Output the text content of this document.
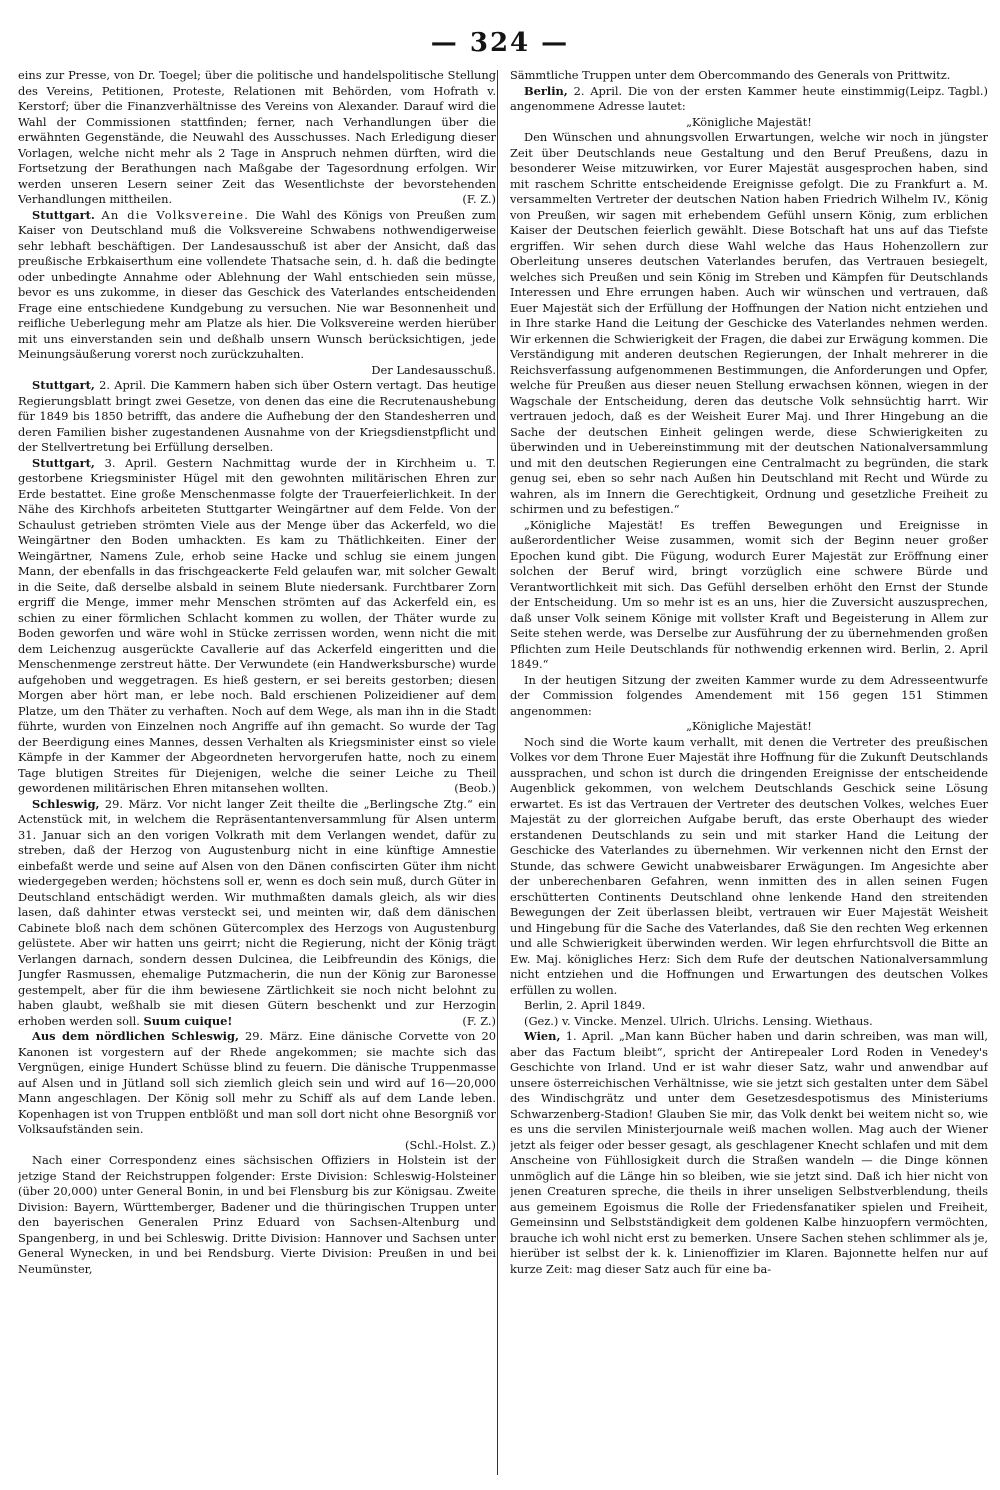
— 324 —

eins zur Presse, von Dr. Toegel; über die politische und handelspolitische Stellung des Vereins, Petitionen, Proteste, Relationen mit Behörden, vom Hofrath v. Kerstorf; über die Finanzverhältnisse des Vereins von Alexander. Darauf wird die Wahl der Commissionen stattfinden; ferner, nach Verhandlungen über die erwähnten Gegenstände, die Neuwahl des Ausschusses. Nach Erledigung dieser Vorlagen, welche nicht mehr als 2 Tage in Anspruch nehmen dürften, wird die Fortsetzung der Berathungen nach Maßgabe der Tagesordnung erfolgen. Wir werden unseren Lesern seiner Zeit das Wesentlichste der bevorstehenden Verhandlungen mittheilen.	(F. Z.)

Stuttgart. An die Volksvereine. Die Wahl des Königs von Preußen zum Kaiser von Deutschland muß die Volksvereine Schwabens nothwendigerweise sehr lebhaft beschäftigen. Der Landesausschuß ist aber der Ansicht, daß das preußische Erbkaiserthum eine vollendete Thatsache sein, d. h. daß die bedingte oder unbedingte Annahme oder Ablehnung der Wahl entschieden sein müsse, bevor es uns zukomme, in dieser das Geschick des Vaterlandes entscheidenden Frage eine entschiedene Kundgebung zu versuchen. Nie war Besonnenheit und reifliche Ueberlegung mehr am Platze als hier. Die Volksvereine werden hierüber mit uns einverstanden sein und deßhalb unsern Wunsch berücksichtigen, jede Meinungsäußerung vorerst noch zurückzuhalten.

Der Landesausschuß.

Stuttgart, 2. April. Die Kammern haben sich über Ostern vertagt. Das heutige Regierungsblatt bringt zwei Gesetze, von denen das eine die Recrutenaushebung für 1849 bis 1850 betrifft, das andere die Aufhebung der den Standesherren und deren Familien bisher zugestandenen Ausnahme von der Kriegsdienstpflicht und der Stellvertretung bei Erfüllung derselben.

Stuttgart, 3. April. Gestern Nachmittag wurde der in Kirchheim u. T. gestorbene Kriegsminister Hügel mit den gewohnten militärischen Ehren zur Erde bestattet. Eine große Menschenmasse folgte der Trauerfeierlichkeit. In der Nähe des Kirchhofs arbeiteten Stuttgarter Weingärtner auf dem Felde. Von der Schaulust getrieben strömten Viele aus der Menge über das Ackerfeld, wo die Weingärtner den Boden umhackten. Es kam zu Thätlichkeiten. Einer der Weingärtner, Namens Zule, erhob seine Hacke und schlug sie einem jungen Mann, der ebenfalls in das frischgeackerte Feld gelaufen war, mit solcher Gewalt in die Seite, daß derselbe alsbald in seinem Blute niedersank. Furchtbarer Zorn ergriff die Menge, immer mehr Menschen strömten auf das Ackerfeld ein, es schien zu einer förmlichen Schlacht kommen zu wollen, der Thäter wurde zu Boden geworfen und wäre wohl in Stücke zerrissen worden, wenn nicht die mit dem Leichenzug ausgerückte Cavallerie auf das Ackerfeld eingeritten und die Menschenmenge zerstreut hätte. Der Verwundete (ein Handwerksbursche) wurde aufgehoben und weggetragen. Es hieß gestern, er sei bereits gestorben; diesen Morgen aber hört man, er lebe noch. Bald erschienen Polizeidiener auf dem Platze, um den Thäter zu verhaften. Noch auf dem Wege, als man ihn in die Stadt führte, wurden von Einzelnen noch Angriffe auf ihn gemacht. So wurde der Tag der Beerdigung eines Mannes, dessen Verhalten als Kriegsminister einst so viele Kämpfe in der Kammer der Abgeordneten hervorgerufen hatte, noch zu einem Tage blutigen Streites für Diejenigen, welche die seiner Leiche zu Theil gewordenen militärischen Ehren mitansehen wollten.	(Beob.)

Schleswig, 29. März. Vor nicht langer Zeit theilte die „Berlingsche Ztg.“ ein Actenstück mit, in welchem die Repräsentantenversammlung für Alsen unterm 31. Januar sich an den vorigen Volkrath mit dem Verlangen wendet, dafür zu streben, daß der Herzog von Augustenburg nicht in eine künftige Amnestie einbefaßt werde und seine auf Alsen von den Dänen confiscirten Güter ihm nicht wiedergegeben werden; höchstens soll er, wenn es doch sein muß, durch Güter in Deutschland entschädigt werden. Wir muthmaßten damals gleich, als wir dies lasen, daß dahinter etwas versteckt sei, und meinten wir, daß dem dänischen Cabinete bloß nach dem schönen Gütercomplex des Herzogs von Augustenburg gelüstete. Aber wir hatten uns geirrt; nicht die Regierung, nicht der König trägt Verlangen darnach, sondern dessen Dulcinea, die Leibfreundin des Königs, die Jungfer Rasmussen, ehemalige Putzmacherin, die nun der König zur Baronesse gestempelt, aber für die ihm bewiesene Zärtlichkeit sie noch nicht belohnt zu haben glaubt, weßhalb sie mit diesen Gütern beschenkt und zur Herzogin erhoben werden soll. Suum cuique!	(F. Z.)

Aus dem nördlichen Schleswig, 29. März. Eine dänische Corvette von 20 Kanonen ist vorgestern auf der Rhede angekommen; sie machte sich das Vergnügen, einige Hundert Schüsse blind zu feuern. Die dänische Truppenmasse auf Alsen und in Jütland soll sich ziemlich gleich sein und wird auf 16—20,000 Mann angeschlagen. Der König soll mehr zu Schiff als auf dem Lande leben. Kopenhagen ist von Truppen entblößt und man soll dort nicht ohne Besorgniß vor Volksaufständen sein.

(Schl.-Holst. Z.)

Nach einer Correspondenz eines sächsischen Offiziers in Holstein ist der jetzige Stand der Reichstruppen folgender: Erste Division: Schleswig-Holsteiner (über 20,000) unter General Bonin, in und bei Flensburg bis zur Königsau. Zweite Division: Bayern, Württemberger, Badener und die thüringischen Truppen unter den bayerischen Generalen Prinz Eduard von Sachsen-Altenburg und Spangenberg, in und bei Schleswig. Dritte Division: Hannover und Sachsen unter General Wynecken, in und bei Rendsburg. Vierte Division: Preußen in und bei Neumünster,

Sämmtliche Truppen unter dem Obercommando des Generals von Prittwitz.
(Leipz. Tagbl.)

Berlin, 2. April. Die von der ersten Kammer heute einstimmig angenommene Adresse lautet:

„Königliche Majestät!

Den Wünschen und ahnungsvollen Erwartungen, welche wir noch in jüngster Zeit über Deutschlands neue Gestaltung und den Beruf Preußens, dazu in besonderer Weise mitzuwirken, vor Eurer Majestät ausgesprochen haben, sind mit raschem Schritte entscheidende Ereignisse gefolgt. Die zu Frankfurt a. M. versammelten Vertreter der deutschen Nation haben Friedrich Wilhelm IV., König von Preußen, wir sagen mit erhebendem Gefühl unsern König, zum erblichen Kaiser der Deutschen feierlich gewählt. Diese Botschaft hat uns auf das Tiefste ergriffen. Wir sehen durch diese Wahl welche das Haus Hohenzollern zur Oberleitung unseres deutschen Vaterlandes berufen, das Vertrauen besiegelt, welches sich Preußen und sein König im Streben und Kämpfen für Deutschlands Interessen und Ehre errungen haben. Auch wir wünschen und vertrauen, daß Euer Majestät sich der Erfüllung der Hoffnungen der Nation nicht entziehen und in Ihre starke Hand die Leitung der Geschicke des Vaterlandes nehmen werden. Wir erkennen die Schwierigkeit der Fragen, die dabei zur Erwägung kommen. Die Verständigung mit anderen deutschen Regierungen, der Inhalt mehrerer in die Reichsverfassung aufgenommenen Bestimmungen, die Anforderungen und Opfer, welche für Preußen aus dieser neuen Stellung erwachsen können, wiegen in der Wagschale der Entscheidung, deren das deutsche Volk sehnsüchtig harrt. Wir vertrauen jedoch, daß es der Weisheit Eurer Maj. und Ihrer Hingebung an die Sache der deutschen Einheit gelingen werde, diese Schwierigkeiten zu überwinden und in Uebereinstimmung mit der deutschen Nationalversammlung und mit den deutschen Regierungen eine Centralmacht zu begründen, die stark genug sei, eben so sehr nach Außen hin Deutschland mit Recht und Würde zu wahren, als im Innern die Gerechtigkeit, Ordnung und gesetzliche Freiheit zu schirmen und zu befestigen.“

„Königliche Majestät! Es treffen Bewegungen und Ereignisse in außerordentlicher Weise zusammen, womit sich der Beginn neuer großer Epochen kund gibt. Die Fügung, wodurch Eurer Majestät zur Eröffnung einer solchen der Beruf wird, bringt vorzüglich eine schwere Bürde und Verantwortlichkeit mit sich. Das Gefühl derselben erhöht den Ernst der Stunde der Entscheidung. Um so mehr ist es an uns, hier die Zuversicht auszusprechen, daß unser Volk seinem Könige mit vollster Kraft und Begeisterung in Allem zur Seite stehen werde, was Derselbe zur Ausführung der zu übernehmenden großen Pflichten zum Heile Deutschlands für nothwendig erkennen wird. Berlin, 2. April 1849.“

In der heutigen Sitzung der zweiten Kammer wurde zu dem Adresseentwurfe der Commission folgendes Amendement mit 156 gegen 151 Stimmen angenommen:

„Königliche Majestät!

Noch sind die Worte kaum verhallt, mit denen die Vertreter des preußischen Volkes vor dem Throne Euer Majestät ihre Hoffnung für die Zukunft Deutschlands aussprachen, und schon ist durch die dringenden Ereignisse der entscheidende Augenblick gekommen, von welchem Deutschlands Geschick seine Lösung erwartet. Es ist das Vertrauen der Vertreter des deutschen Volkes, welches Euer Majestät zu der glorreichen Aufgabe beruft, das erste Oberhaupt des wieder erstandenen Deutschlands zu sein und mit starker Hand die Leitung der Geschicke des Vaterlandes zu übernehmen. Wir verkennen nicht den Ernst der Stunde, das schwere Gewicht unabweisbarer Erwägungen. Im Angesichte aber der unberechenbaren Gefahren, wenn inmitten des in allen seinen Fugen erschütterten Continents Deutschland ohne lenkende Hand den streitenden Bewegungen der Zeit überlassen bleibt, vertrauen wir Euer Majestät Weisheit und Hingebung für die Sache des Vaterlandes, daß Sie den rechten Weg erkennen und alle Schwierigkeit überwinden werden. Wir legen ehrfurchtsvoll die Bitte an Ew. Maj. königliches Herz: Sich dem Rufe der deutschen Nationalversammlung nicht entziehen und die Hoffnungen und Erwartungen des deutschen Volkes erfüllen zu wollen.

Berlin, 2. April 1849.

(Gez.) v. Vincke. Menzel. Ulrich. Ulrichs. Lensing. Wiethaus.

Wien, 1. April. „Man kann Bücher haben und darin schreiben, was man will, aber das Factum bleibt“, spricht der Antirepealer Lord Roden in Venedey's Geschichte von Irland. Und er ist wahr dieser Satz, wahr und anwendbar auf unsere österreichischen Verhältnisse, wie sie jetzt sich gestalten unter dem Säbel des Windischgrätz und unter dem Gesetzesdespotismus des Ministeriums Schwarzenberg-Stadion! Glauben Sie mir, das Volk denkt bei weitem nicht so, wie es uns die servilen Ministerjournale weiß machen wollen. Mag auch der Wiener jetzt als feiger oder besser gesagt, als geschlagener Knecht schlafen und mit dem Anscheine von Fühllosigkeit durch die Straßen wandeln — die Dinge können unmöglich auf die Länge hin so bleiben, wie sie jetzt sind. Daß ich hier nicht von jenen Creaturen spreche, die theils in ihrer unseligen Selbstverblendung, theils aus gemeinem Egoismus die Rolle der Friedensfanatiker spielen und Freiheit, Gemeinsinn und Selbstständigkeit dem goldenen Kalbe hinzuopfern vermöchten, brauche ich wohl nicht erst zu bemerken. Unsere Sachen stehen schlimmer als je, hierüber ist selbst der k. k. Linienoffizier im Klaren. Bajonnette helfen nur auf kurze Zeit: mag dieser Satz auch für eine ba-
